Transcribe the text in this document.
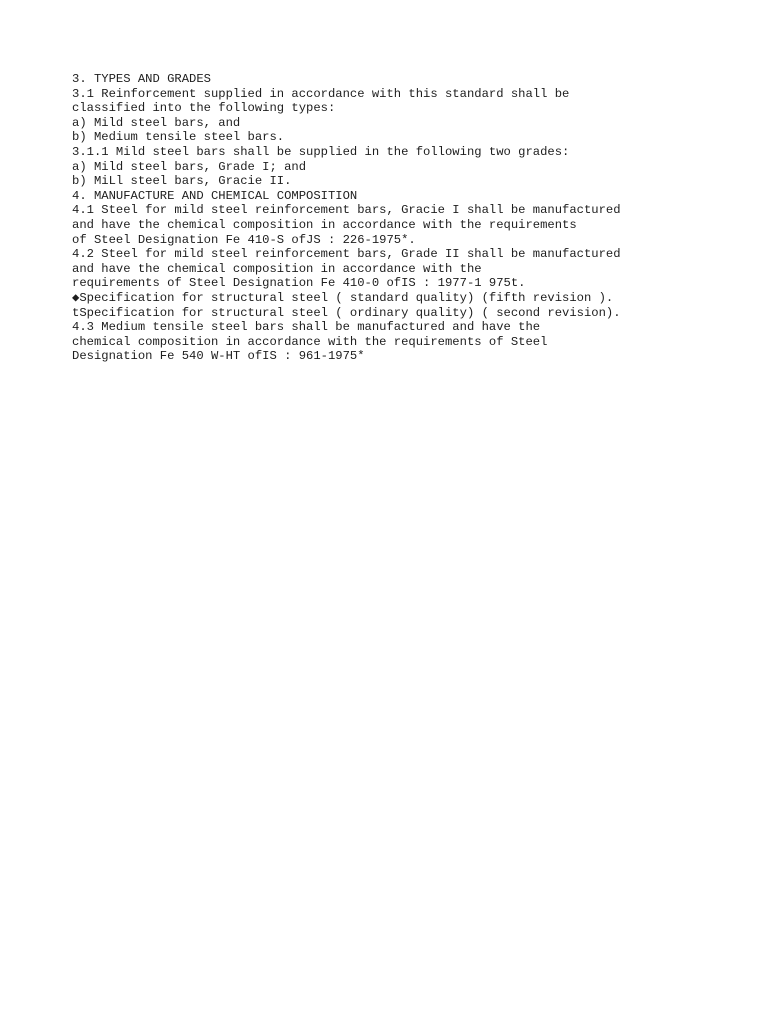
3. TYPES AND GRADES
3.1 Reinforcement supplied in accordance with this standard shall be
classified into the following types:
a) Mild steel bars, and
b) Medium tensile steel bars.
3.1.1 Mild steel bars shall be supplied in the following two grades:
a) Mild steel bars, Grade I; and
b) MiLl steel bars, Gracie II.
4. MANUFACTURE AND CHEMICAL COMPOSITION
4.1 Steel for mild steel reinforcement bars, Gracie I shall be manufactured
and have the chemical composition in accordance with the requirements
of Steel Designation Fe 410-S ofJS : 226-1975*.
4.2 Steel for mild steel reinforcement bars, Grade II shall be manufactured
and have the chemical composition in accordance with the
requirements of Steel Designation Fe 410-0 ofIS : 1977-1 975t.
◆Specification for structural steel ( standard quality) (fifth revision ).
tSpecification for structural steel ( ordinary quality) ( second revision).
4.3 Medium tensile steel bars shall be manufactured and have the
chemical composition in accordance with the requirements of Steel
Designation Fe 540 W-HT ofIS : 961-1975*
